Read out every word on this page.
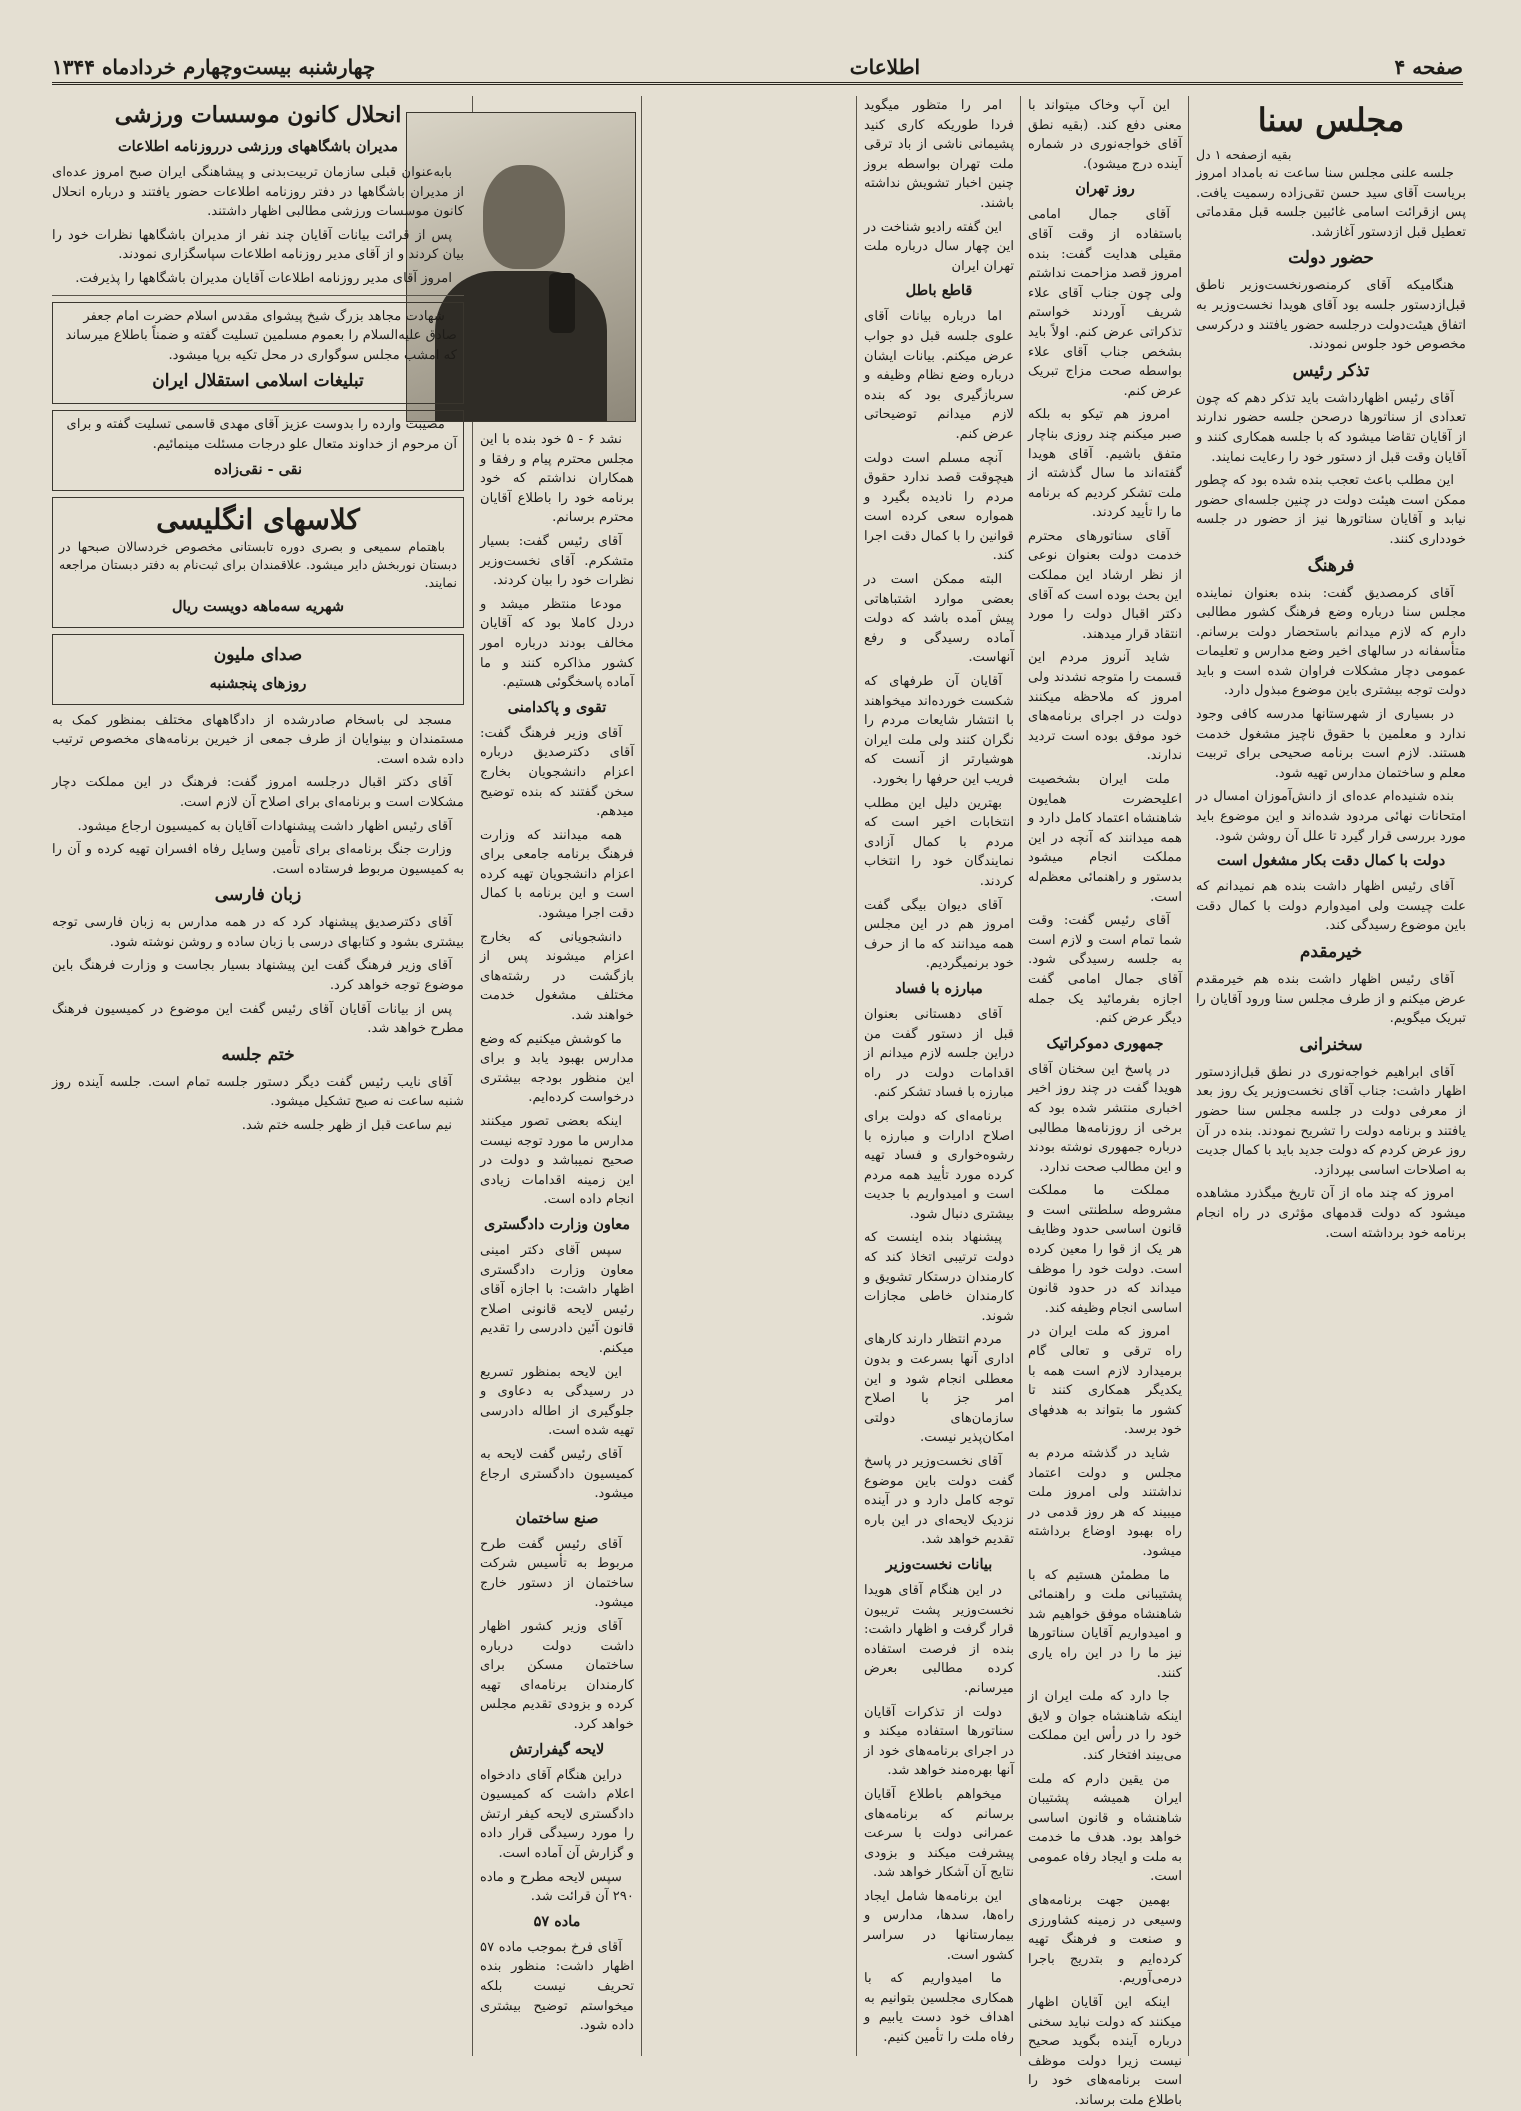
صفحه ۴
اطلاعات
چهارشنبه بیست‌وچهارم خردادماه ۱۳۴۴
مجلس سنا
بقیه ازصفحه ۱ دل

جلسه علنی مجلس سنا ساعت نه بامداد امروز بریاست آقای سید حسن تقی‌زاده رسمیت یافت. پس ازقرائت اسامی غائبین جلسه قبل مقدماتی تعطیل قبل ازدستور آغازشد.

حضور دولت

هنگامیکه آقای کرمنصورنخست‌وزیر ناطق قبل‌ازدستور جلسه بود آقای هویدا نخست‌وزیر به اتفاق هیئت‌دولت درجلسه حضور یافتند و درکرسی مخصوص خود جلوس نمودند.

تذکر رئیس

آقای رئیس اظهارداشت باید تذکر دهم که چون تعدادی از سناتورها درصحن جلسه حضور ندارند از آقایان تقاضا میشود که با جلسه همکاری کنند و آقایان وقت قبل از دستور خود را رعایت نمایند.

این مطلب باعث تعجب بنده شده بود که چطور ممکن است هیئت دولت در چنین جلسه‌ای حضور نیابد و آقایان سناتورها نیز از حضور در جلسه خودداری کنند.

فرهنگ

آقای کرمصدیق گفت: بنده بعنوان نماینده مجلس سنا درباره وضع فرهنگ کشور مطالبی دارم که لازم میدانم باستحضار دولت برسانم. متأسفانه در سالهای اخیر وضع مدارس و تعلیمات عمومی دچار مشکلات فراوان شده است و باید دولت توجه بیشتری باین موضوع مبذول دارد.

در بسیاری از شهرستانها مدرسه کافی وجود ندارد و معلمین با حقوق ناچیز مشغول خدمت هستند. لازم است برنامه صحیحی برای تربیت معلم و ساختمان مدارس تهیه شود.

بنده شنیده‌ام عده‌ای از دانش‌آموزان امسال در امتحانات نهائی مردود شده‌اند و این موضوع باید مورد بررسی قرار گیرد تا علل آن روشن شود.

دولت با کمال دقت بکار مشغول است

آقای رئیس اظهار داشت بنده هم نمیدانم که علت چیست ولی امیدوارم دولت با کمال دقت باین موضوع رسیدگی کند.

خیرمقدم

آقای رئیس اظهار داشت بنده هم خیرمقدم عرض میکنم و از طرف مجلس سنا ورود آقایان را تبریک میگویم.

سخنرانی

آقای ابراهیم خواجه‌نوری در نطق قبل‌ازدستور اظهار داشت: جناب آقای نخست‌وزیر یک روز بعد از معرفی دولت در جلسه مجلس سنا حضور یافتند و برنامه دولت را تشریح نمودند. بنده در آن روز عرض کردم که دولت جدید باید با کمال جدیت به اصلاحات اساسی بپردازد.

امروز که چند ماه از آن تاریخ میگذرد مشاهده میشود که دولت قدمهای مؤثری در راه انجام برنامه خود برداشته است.

این آپ وخاک میتواند با معنی دفع کند. (بقیه نطق آقای خواجه‌نوری در شماره آینده درج میشود).

روز تهران

آقای جمال امامی باستفاده از وقت آقای مقیلی هدایت گفت: بنده امروز قصد مزاحمت نداشتم ولی چون جناب آقای علاء شریف آوردند خواستم تذکراتی عرض کنم. اولاً باید بشخص جناب آقای علاء بواسطه صحت مزاج تبریک عرض کنم.

امروز هم تیکو به بلکه صبر میکنم چند روزی بناچار متفق باشیم. آقای هویدا گفته‌اند ما سال گذشته از ملت تشکر کردیم که برنامه ما را تأیید کردند.

آقای سناتورهای محترم خدمت دولت بعنوان نوعی از نظر ارشاد این مملکت این بحث بوده است که آقای دکتر اقبال دولت را مورد انتقاد قرار میدهند.

شاید آنروز مردم این قسمت را متوجه نشدند ولی امروز که ملاحظه میکنند دولت در اجرای برنامه‌های خود موفق بوده است تردید ندارند.

ملت ایران بشخصیت اعلیحضرت همایون شاهنشاه اعتماد کامل دارد و همه میدانند که آنچه در این مملکت انجام میشود بدستور و راهنمائی معظم‌له است.

آقای رئیس گفت: وقت شما تمام است و لازم است به جلسه رسیدگی شود. آقای جمال امامی گفت اجازه بفرمائید یک جمله دیگر عرض کنم.

جمهوری دموکراتیک

در پاسخ این سخنان آقای هویدا گفت در چند روز اخیر اخباری منتشر شده بود که برخی از روزنامه‌ها مطالبی درباره جمهوری نوشته بودند و این مطالب صحت ندارد.

مملکت ما مملکت مشروطه سلطنتی است و قانون اساسی حدود وظایف هر یک از قوا را معین کرده است. دولت خود را موظف میداند که در حدود قانون اساسی انجام وظیفه کند.

امروز که ملت ایران در راه ترقی و تعالی گام برمیدارد لازم است همه با یکدیگر همکاری کنند تا کشور ما بتواند به هدفهای خود برسد.

شاید در گذشته مردم به مجلس و دولت اعتماد نداشتند ولی امروز ملت میبیند که هر روز قدمی در راه بهبود اوضاع برداشته میشود.

ما مطمئن هستیم که با پشتیبانی ملت و راهنمائی شاهنشاه موفق خواهیم شد و امیدواریم آقایان سناتورها نیز ما را در این راه یاری کنند.

جا دارد که ملت ایران از اینکه شاهنشاه جوان و لایق خود را در رأس این مملکت می‌بیند افتخار کند.

من یقین دارم که ملت ایران همیشه پشتیبان شاهنشاه و قانون اساسی خواهد بود. هدف ما خدمت به ملت و ایجاد رفاه عمومی است.

بهمین جهت برنامه‌های وسیعی در زمینه کشاورزی و صنعت و فرهنگ تهیه کرده‌ایم و بتدریج باجرا درمی‌آوریم.

اینکه این آقایان اظهار میکنند که دولت نباید سخنی درباره آینده بگوید صحیح نیست زیرا دولت موظف است برنامه‌های خود را باطلاع ملت برساند.

امر را متظور میگوید فردا طوریکه کاری کنید پشیمانی ناشی از باد ترقی ملت تهران بواسطه بروز چنین اخبار تشویش نداشته باشند.

این گفته رادیو شناخت در این چهار سال درباره ملت تهران ایران

قاطع باطل

اما درباره بیانات آقای علوی جلسه قبل دو جواب عرض میکنم. بیانات ایشان درباره وضع نظام وظیفه و سربازگیری بود که بنده لازم میدانم توضیحاتی عرض کنم.

آنچه مسلم است دولت هیچوقت قصد ندارد حقوق مردم را نادیده بگیرد و همواره سعی کرده است قوانین را با کمال دقت اجرا کند.

البته ممکن است در بعضی موارد اشتباهاتی پیش آمده باشد که دولت آماده رسیدگی و رفع آنهاست.

آقایان آن طرفهای که شکست خورده‌اند میخواهند با انتشار شایعات مردم را نگران کنند ولی ملت ایران هوشیارتر از آنست که فریب این حرفها را بخورد.

بهترین دلیل این مطلب انتخابات اخیر است که مردم با کمال آزادی نمایندگان خود را انتخاب کردند.

آقای دیوان بیگی گفت امروز هم در این مجلس همه میدانند که ما از حرف خود برنمیگردیم.

مبارزه با فساد

آقای دهستانی بعنوان قبل از دستور گفت من دراین جلسه لازم میدانم از اقدامات دولت در راه مبارزه با فساد تشکر کنم.

برنامه‌ای که دولت برای اصلاح ادارات و مبارزه با رشوه‌خواری و فساد تهیه کرده مورد تأیید همه مردم است و امیدواریم با جدیت بیشتری دنبال شود.

پیشنهاد بنده اینست که دولت ترتیبی اتخاذ کند که کارمندان درستکار تشویق و کارمندان خاطی مجازات شوند.

مردم انتظار دارند کارهای اداری آنها بسرعت و بدون معطلی انجام شود و این امر جز با اصلاح سازمان‌های دولتی امکان‌پذیر نیست.

آقای نخست‌وزیر در پاسخ گفت دولت باین موضوع توجه کامل دارد و در آینده نزدیک لایحه‌ای در این باره تقدیم خواهد شد.

بیانات نخست‌وزیر

در این هنگام آقای هویدا نخست‌وزیر پشت تریبون قرار گرفت و اظهار داشت: بنده از فرصت استفاده کرده مطالبی بعرض میرسانم.

دولت از تذکرات آقایان سناتورها استفاده میکند و در اجرای برنامه‌های خود از آنها بهره‌مند خواهد شد.

میخواهم باطلاع آقایان برسانم که برنامه‌های عمرانی دولت با سرعت پیشرفت میکند و بزودی نتایج آن آشکار خواهد شد.

این برنامه‌ها شامل ایجاد راه‌ها، سدها، مدارس و بیمارستانها در سراسر کشور است.

ما امیدواریم که با همکاری مجلسین بتوانیم به اهداف خود دست یابیم و رفاه ملت را تأمین کنیم.

نشد ۶ - ۵ خود بنده با این مجلس محترم پیام و رفقا و همکاران نداشتم که خود برنامه خود را باطلاع آقایان محترم برسانم.

آقای رئیس گفت: بسیار متشکرم. آقای نخست‌وزیر نظرات خود را بیان کردند.

مودعا منتظر میشد و دردل کاملا بود که آقایان مخالف بودند درباره امور کشور مذاکره کنند و ما آماده پاسخگوئی هستیم.

تقوی و پاکدامنی

آقای وزیر فرهنگ گفت: آقای دکترصدیق درباره اعزام دانشجویان بخارج سخن گفتند که بنده توضیح میدهم.

همه میدانند که وزارت فرهنگ برنامه جامعی برای اعزام دانشجویان تهیه کرده است و این برنامه با کمال دقت اجرا میشود.

دانشجویانی که بخارج اعزام میشوند پس از بازگشت در رشته‌های مختلف مشغول خدمت خواهند شد.

ما کوشش میکنیم که وضع مدارس بهبود یابد و برای این منظور بودجه بیشتری درخواست کرده‌ایم.

اینکه بعضی تصور میکنند مدارس ما مورد توجه نیست صحیح نمیباشد و دولت در این زمینه اقدامات زیادی انجام داده است.

معاون وزارت دادگستری

سپس آقای دکتر امینی معاون وزارت دادگستری اظهار داشت: با اجازه آقای رئیس لایحه قانونی اصلاح قانون آئین دادرسی را تقدیم میکنم.

این لایحه بمنظور تسریع در رسیدگی به دعاوی و جلوگیری از اطاله دادرسی تهیه شده است.

آقای رئیس گفت لایحه به کمیسیون دادگستری ارجاع میشود.

صنع ساختمان

آقای رئیس گفت طرح مربوط به تأسیس شرکت ساختمان از دستور خارج میشود.

آقای وزیر کشور اظهار داشت دولت درباره ساختمان مسکن برای کارمندان برنامه‌ای تهیه کرده و بزودی تقدیم مجلس خواهد کرد.

لایحه گیفرارتش

دراین هنگام آقای دادخواه اعلام داشت که کمیسیون دادگستری لایحه کیفر ارتش را مورد رسیدگی قرار داده و گزارش آن آماده است.

سپس لایحه مطرح و ماده ۲۹۰ آن قرائت شد.

ماده ۵۷

آقای فرخ بموجب ماده ۵۷ اظهار داشت: منظور بنده تحریف نیست بلکه میخواستم توضیح بیشتری داده شود.

انحلال کانون موسسات ورزشی
مدیران باشگاههای ورزشی درروزنامه اطلاعات

بابه‌عنوان قبلی سازمان تربیت‌بدنی و پیشاهنگی ایران صبح امروز عده‌ای از مدیران باشگاهها در دفتر روزنامه اطلاعات حضور یافتند و درباره انحلال کانون موسسات ورزشی مطالبی اظهار داشتند.

پس از قرائت بیانات آقایان چند نفر از مدیران باشگاهها نظرات خود را بیان کردند و از آقای مدیر روزنامه اطلاعات سپاسگزاری نمودند.

امروز آقای مدیر روزنامه اطلاعات آقایان مدیران باشگاهها را پذیرفت.

شهادت مجاهد بزرگ شیخ پیشوای مقدس اسلام حضرت امام جعفر صادق علیه‌السلام را بعموم مسلمین تسلیت گفته و ضمناً باطلاع میرساند که امشب مجلس سوگواری در محل تکیه برپا میشود.

تبلیغات اسلامی استقلال ایران

مصیبت وارده را بدوست عزیز آقای مهدی قاسمی تسلیت گفته و برای آن مرحوم از خداوند متعال علو درجات مسئلت مینمائیم.

نقی - نقی‌زاده
کلاسهای انگلیسی

باهتمام سمیعی و بصری دوره تابستانی مخصوص خردسالان صبحها در دبستان نوربخش دایر میشود. علاقمندان برای ثبت‌نام به دفتر دبستان مراجعه نمایند.

شهریه سه‌ماهه دویست ریال
صدای ملیون
روزهای پنجشنبه

مسجد لی باسخام صادرشده از دادگاههای مختلف بمنظور کمک به مستمندان و بینوایان از طرف جمعی از خیرین برنامه‌های مخصوص ترتیب داده شده است.

آقای دکتر اقبال درجلسه امروز گفت: فرهنگ در این مملکت دچار مشکلات است و برنامه‌ای برای اصلاح آن لازم است.

آقای رئیس اظهار داشت پیشنهادات آقایان به کمیسیون ارجاع میشود.

وزارت جنگ برنامه‌ای برای تأمین وسایل رفاه افسران تهیه کرده و آن را به کمیسیون مربوط فرستاده است.

زبان فارسی

آقای دکترصدیق پیشنهاد کرد که در همه مدارس به زبان فارسی توجه بیشتری بشود و کتابهای درسی با زبان ساده و روشن نوشته شود.

آقای وزیر فرهنگ گفت این پیشنهاد بسیار بجاست و وزارت فرهنگ باین موضوع توجه خواهد کرد.

پس از بیانات آقایان آقای رئیس گفت این موضوع در کمیسیون فرهنگ مطرح خواهد شد.

ختم جلسه

آقای نایب رئیس گفت دیگر دستور جلسه تمام است. جلسه آینده روز شنبه ساعت نه صبح تشکیل میشود.

نیم ساعت قبل از ظهر جلسه ختم شد.
